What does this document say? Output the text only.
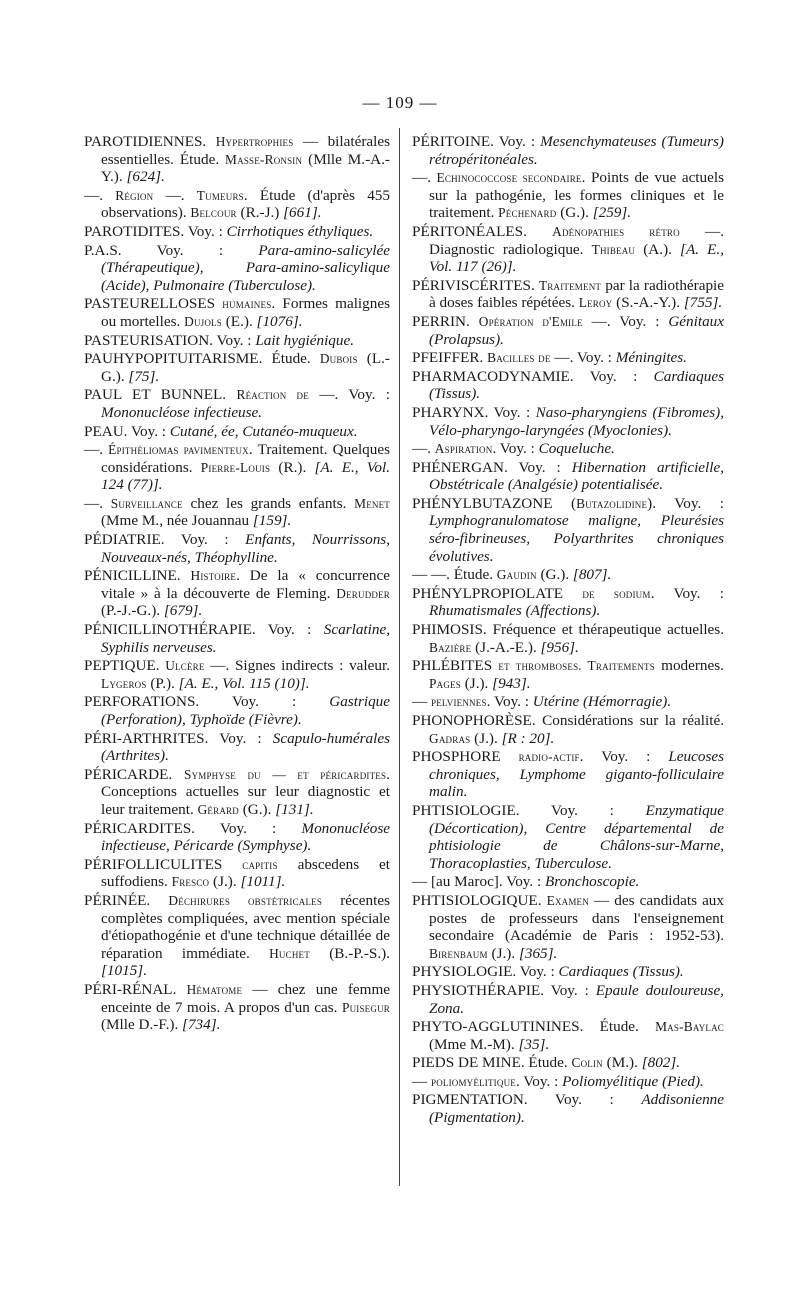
— 109 —

PAROTIDIENNES. Hypertrophies — bilatérales essentielles. Étude. Masse-Ronsin (Mlle M.-A.-Y.). [624].

—. Région —. Tumeurs. Étude (d'après 455 observations). Belcour (R.-J.) [661].

PAROTIDITES. Voy. : Cirrhotiques éthyliques.

P.A.S. Voy. : Para-amino-salicylée (Thérapeutique), Para-amino-salicylique (Acide), Pulmonaire (Tuberculose).

PASTEURELLOSES humaines. Formes malignes ou mortelles. Dujols (E.). [1076].

PASTEURISATION. Voy. : Lait hygiénique.

PAUHYPOPITUITARISME. Étude. Dubois (L.-G.). [75].

PAUL ET BUNNEL. Réaction de —. Voy. : Mononucléose infectieuse.

PEAU. Voy. : Cutané, ée, Cutanéo-muqueux.

—. Épithéliomas pavimenteux. Traitement. Quelques considérations. Pierre-Louis (R.). [A. E., Vol. 124 (77)].

—. Surveillance chez les grands enfants. Menet (Mme M., née Jouannau [159].

PÉDIATRIE. Voy. : Enfants, Nourrissons, Nouveaux-nés, Théophylline.

PÉNICILLINE. Histoire. De la « concurrence vitale » à la découverte de Fleming. Derudder (P.-J.-G.). [679].

PÉNICILLINOTHÉRAPIE. Voy. : Scarlatine, Syphilis nerveuses.

PEPTIQUE. Ulcère —. Signes indirects : valeur. Lygeros (P.). [A. E., Vol. 115 (10)].

PERFORATIONS. Voy. : Gastrique (Perforation), Typhoïde (Fièvre).

PÉRI-ARTHRITES. Voy. : Scapulo-humérales (Arthrites).

PÉRICARDE. Symphyse du — et péricardites. Conceptions actuelles sur leur diagnostic et leur traitement. Gérard (G.). [131].

PÉRICARDITES. Voy. : Mononucléose infectieuse, Péricarde (Symphyse).

PÉRIFOLLICULITES capitis abscedens et suffodiens. Fresco (J.). [1011].

PÉRINÉE. Déchirures obstétricales récentes complètes compliquées, avec mention spéciale d'étiopathogénie et d'une technique détaillée de réparation immédiate. Huchet (B.-P.-S.). [1015].

PÉRI-RÉNAL. Hématome — chez une femme enceinte de 7 mois. A propos d'un cas. Puisegur (Mlle D.-F.). [734].

PÉRITOINE. Voy. : Mesenchymateuses (Tumeurs) rétropéritonéales.

—. Echinococcose secondaire. Points de vue actuels sur la pathogénie, les formes cliniques et le traitement. Péchenard (G.). [259].

PÉRITONÉALES. Adénopathies rétro —. Diagnostic radiologique. Thibeau (A.). [A. E., Vol. 117 (26)].

PÉRIVISCÉRITES. Traitement par la radiothérapie à doses faibles répétées. Leroy (S.-A.-Y.). [755].

PERRIN. Opération d'Emile —. Voy. : Génitaux (Prolapsus).

PFEIFFER. Bacilles de —. Voy. : Méningites.

PHARMACODYNAMIE. Voy. : Cardiaques (Tissus).

PHARYNX. Voy. : Naso-pharyngiens (Fibromes), Vélo-pharyngo-laryngées (Myoclonies).

—. Aspiration. Voy. : Coqueluche.

PHÉNERGAN. Voy. : Hibernation artificielle, Obstétricale (Analgésie) potentialisée.

PHÉNYLBUTAZONE (Butazolidine). Voy. : Lymphogranulomatose maligne, Pleurésies séro-fibrineuses, Polyarthrites chroniques évolutives.

— —. Étude. Gaudin (G.). [807].

PHÉNYLPROPIOLATE de sodium. Voy. : Rhumatismales (Affections).

PHIMOSIS. Fréquence et thérapeutique actuelles. Bazière (J.-A.-E.). [956].

PHLÉBITES et thromboses. Traitements modernes. Pages (J.). [943].

— pelviennes. Voy. : Utérine (Hémorragie).

PHONOPHORÈSE. Considérations sur la réalité. Gadras (J.). [R : 20].

PHOSPHORE radio-actif. Voy. : Leucoses chroniques, Lymphome giganto-folliculaire malin.

PHTISIOLOGIE. Voy. : Enzymatique (Décortication), Centre départemental de phtisiologie de Châlons-sur-Marne, Thoracoplasties, Tuberculose.

— [au Maroc]. Voy. : Bronchoscopie.

PHTISIOLOGIQUE. Examen — des candidats aux postes de professeurs dans l'enseignement secondaire (Académie de Paris : 1952-53). Birenbaum (J.). [365].

PHYSIOLOGIE. Voy. : Cardiaques (Tissus).

PHYSIOTHÉRAPIE. Voy. : Epaule douloureuse, Zona.

PHYTO-AGGLUTININES. Étude. Mas-Baylac (Mme M.-M). [35].

PIEDS DE MINE. Étude. Colin (M.). [802].

— poliomyélitique. Voy. : Poliomyélitique (Pied).

PIGMENTATION. Voy. : Addisonienne (Pigmentation).
